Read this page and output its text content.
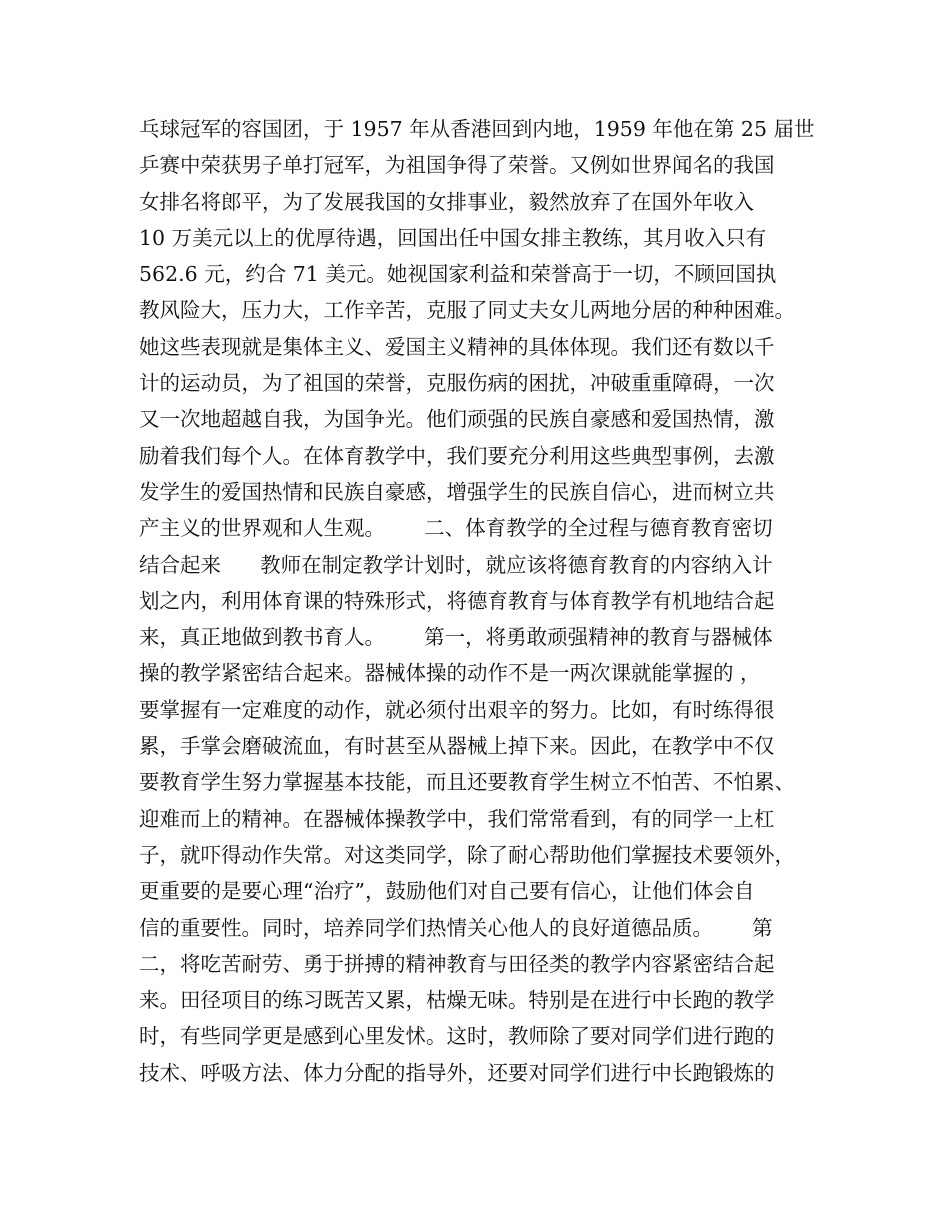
乓球冠军的容国团，于 1957 年从香港回到内地，1959 年他在第 25 届世
乒赛中荣获男子单打冠军，为祖国争得了荣誉。又例如世界闻名的我国
女排名将郎平，为了发展我国的女排事业，毅然放弃了在国外年收入
10 万美元以上的优厚待遇，回国出任中国女排主教练，其月收入只有
562.6 元，约合 71 美元。她视国家利益和荣誉高于一切，不顾回国执
教风险大，压力大，工作辛苦，克服了同丈夫女儿两地分居的种种困难。
她这些表现就是集体主义、爱国主义精神的具体体现。我们还有数以千
计的运动员，为了祖国的荣誉，克服伤病的困扰，冲破重重障碍，一次
又一次地超越自我，为国争光。他们顽强的民族自豪感和爱国热情，激
励着我们每个人。在体育教学中，我们要充分利用这些典型事例，去激
发学生的爱国热情和民族自豪感，增强学生的民族自信心，进而树立共
产主义的世界观和人生观。      二、体育教学的全过程与德育教育密切
结合起来      教师在制定教学计划时，就应该将德育教育的内容纳入计
划之内，利用体育课的特殊形式，将德育教育与体育教学有机地结合起
来，真正地做到教书育人。      第一，将勇敢顽强精神的教育与器械体
操的教学紧密结合起来。器械体操的动作不是一两次课就能掌握的 ，
要掌握有一定难度的动作，就必须付出艰辛的努力。比如，有时练得很
累，手掌会磨破流血，有时甚至从器械上掉下来。因此，在教学中不仅
要教育学生努力掌握基本技能，而且还要教育学生树立不怕苦、不怕累、
迎难而上的精神。在器械体操教学中，我们常常看到，有的同学一上杠
子，就吓得动作失常。对这类同学，除了耐心帮助他们掌握技术要领外，
更重要的是要心理“治疗”，鼓励他们对自己要有信心，让他们体会自
信的重要性。同时，培养同学们热情关心他人的良好道德品质。      第
二，将吃苦耐劳、勇于拼搏的精神教育与田径类的教学内容紧密结合起
来。田径项目的练习既苦又累，枯燥无味。特别是在进行中长跑的教学
时，有些同学更是感到心里发怵。这时，教师除了要对同学们进行跑的
技术、呼吸方法、体力分配的指导外，还要对同学们进行中长跑锻炼的
